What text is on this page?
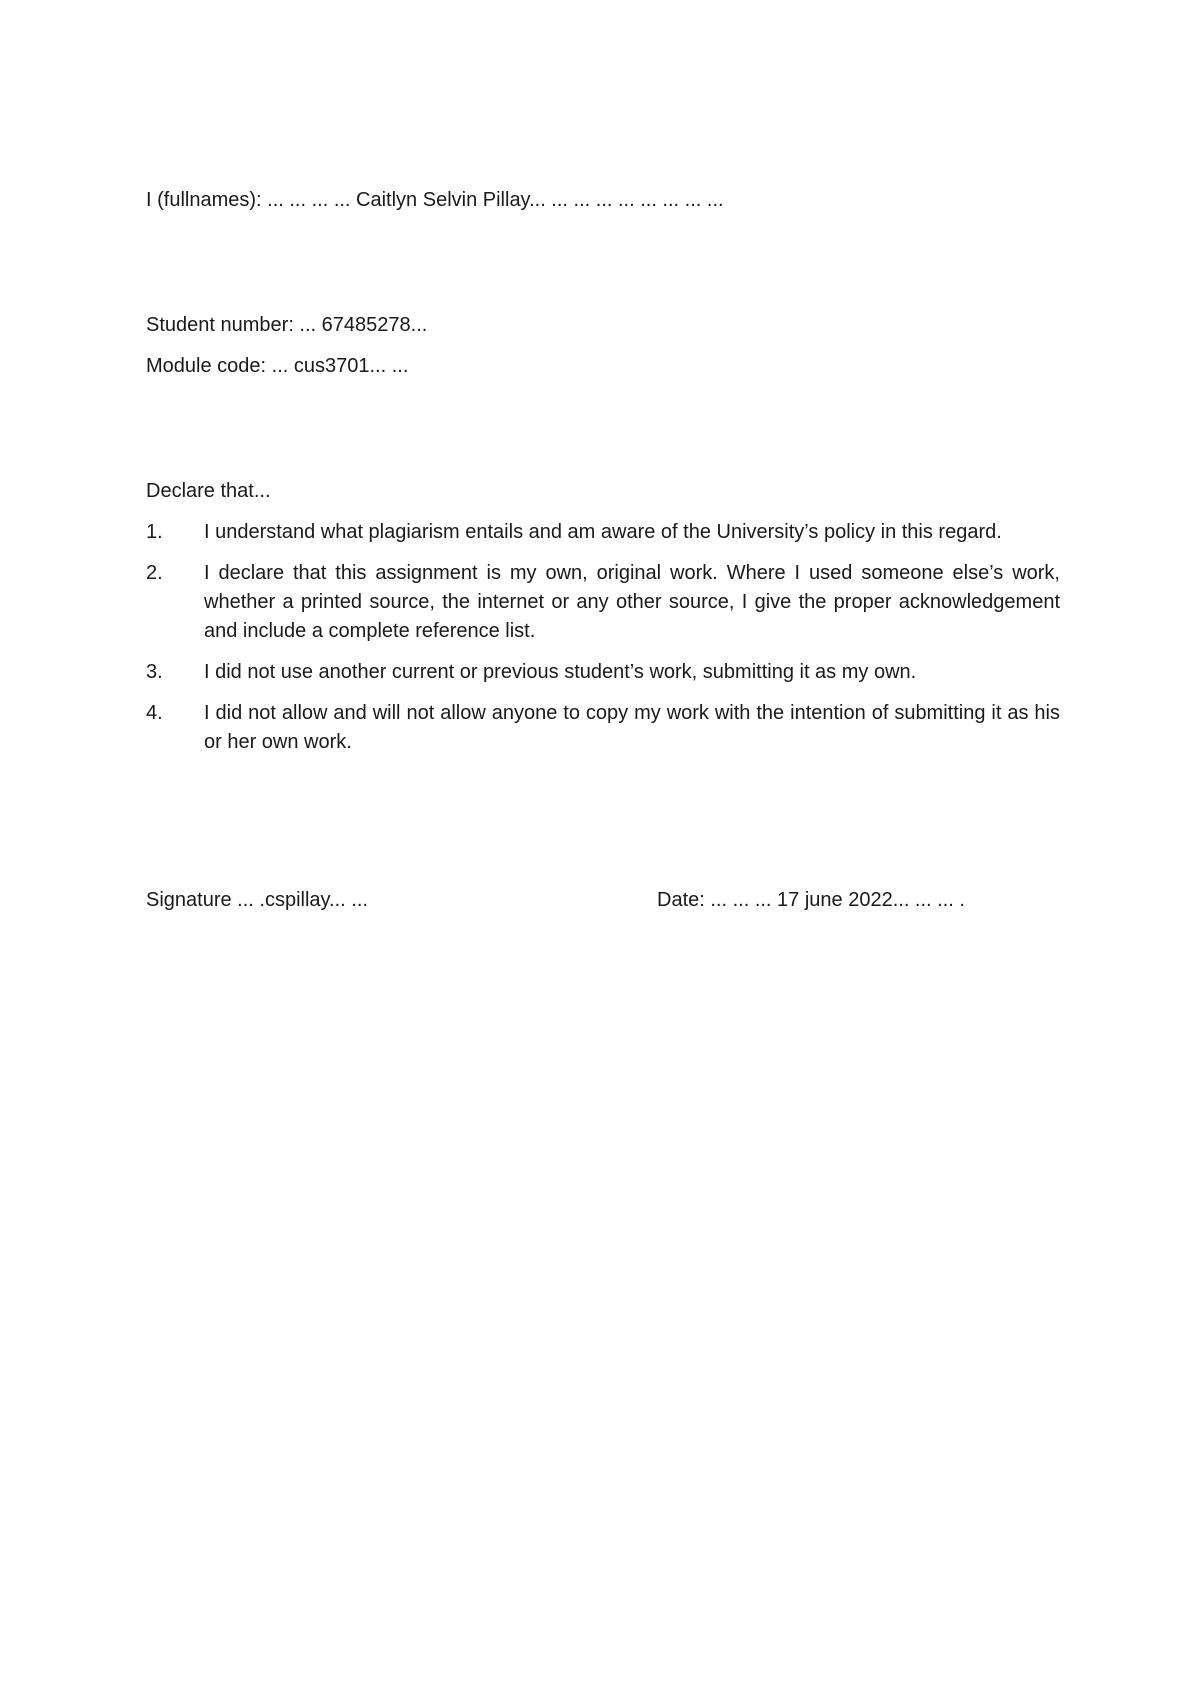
I (fullnames): ... ... ... ... Caitlyn Selvin Pillay... ... ... ... ... ... ... ... ...
Student number: ... 67485278...
Module code: ... cus3701... ...
Declare that...
1. I understand what plagiarism entails and am aware of the University’s policy in this regard.
2. I declare that this assignment is my own, original work. Where I used someone else’s work, whether a printed source, the internet or any other source, I give the proper acknowledgement and include a complete reference list.
3. I did not use another current or previous student’s work, submitting it as my own.
4. I did not allow and will not allow anyone to copy my work with the intention of submitting it as his or her own work.
Signature ... .cspillay... ...	Date: ... ... ... 17 june 2022... ... ... .
